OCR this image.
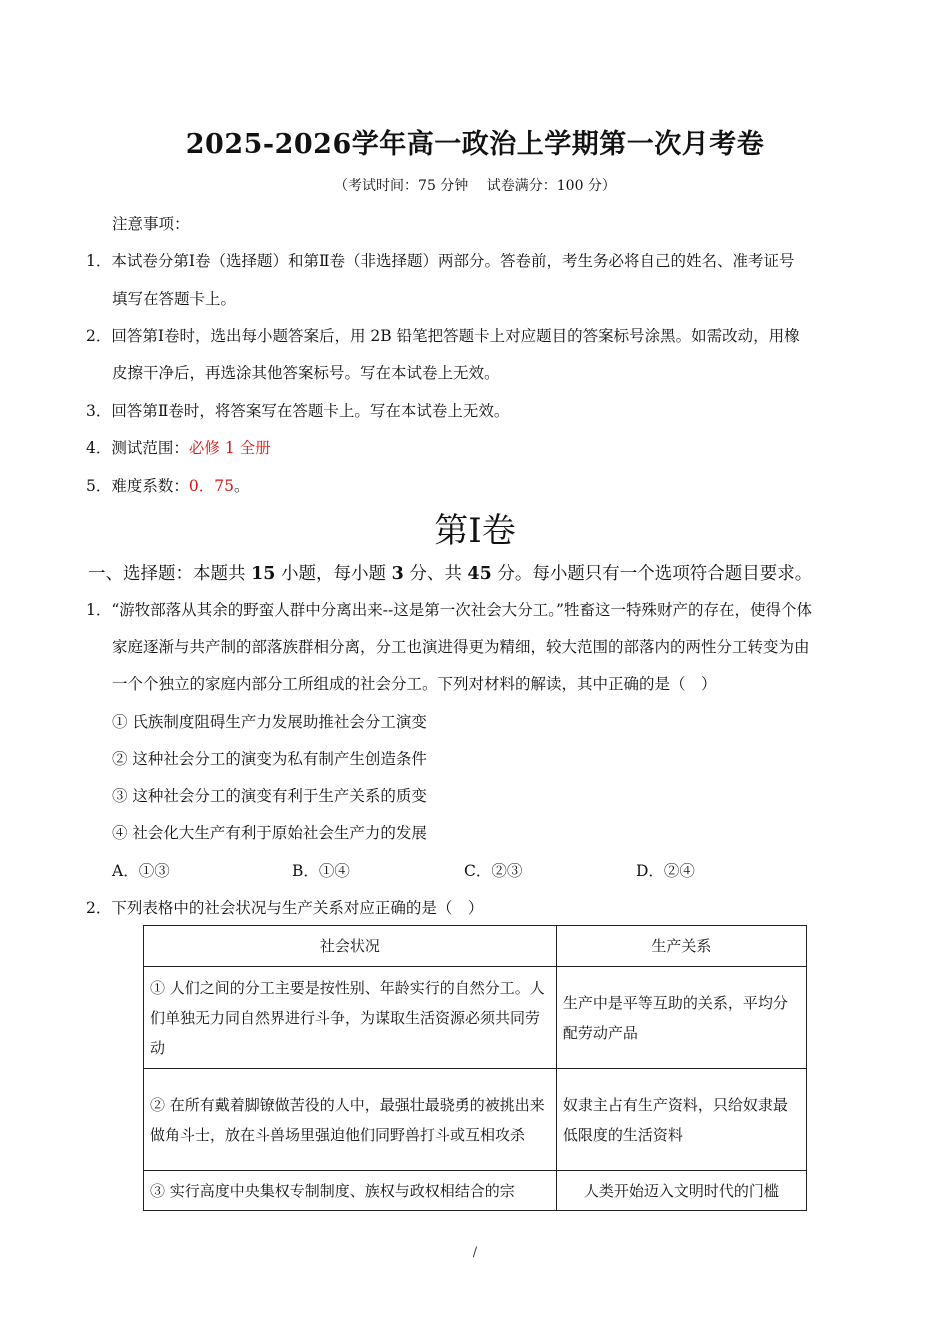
2025-2026学年高一政治上学期第一次月考卷
（考试时间：75 分钟　 试卷满分：100 分）
注意事项：
1．本试卷分第Ⅰ卷（选择题）和第Ⅱ卷（非选择题）两部分。答卷前，考生务必将自己的姓名、准考证号
填写在答题卡上。
2．回答第Ⅰ卷时，选出每小题答案后，用 2B 铅笔把答题卡上对应题目的答案标号涂黑。如需改动，用橡
皮擦干净后，再选涂其他答案标号。写在本试卷上无效。
3．回答第Ⅱ卷时，将答案写在答题卡上。写在本试卷上无效。
4．测试范围：必修 1 全册
5．难度系数：0．75。
第Ⅰ卷
一、选择题：本题共 15 小题，每小题 3 分、共 45 分。每小题只有一个选项符合题目要求。
1．“游牧部落从其余的野蛮人群中分离出来--这是第一次社会大分工。”牲畜这一特殊财产的存在，使得个体
家庭逐渐与共产制的部落族群相分离，分工也演进得更为精细，较大范围的部落内的两性分工转变为由
一个个独立的家庭内部分工所组成的社会分工。下列对材料的解读，其中正确的是（　）
① 氏族制度阻碍生产力发展助推社会分工演变
② 这种社会分工的演变为私有制产生创造条件
③ 这种社会分工的演变有利于生产关系的质变
④ 社会化大生产有利于原始社会生产力的发展
A．①③	B．①④	C．②③	D．②④
2．下列表格中的社会状况与生产关系对应正确的是（　）
社会状况	生产关系

① 人们之间的分工主要是按性别、年龄实行的自然分工。人们单独无力同自然界进行斗争，为谋取生活资源必须共同劳动	生产中是平等互助的关系，平均分配劳动产品

② 在所有戴着脚镣做苦役的人中，最强壮最骁勇的被挑出来做角斗士，放在斗兽场里强迫他们同野兽打斗或互相攻杀	奴隶主占有生产资料，只给奴隶最低限度的生活资料

③ 实行高度中央集权专制制度、族权与政权相结合的宗	人类开始迈入文明时代的门槛
/
